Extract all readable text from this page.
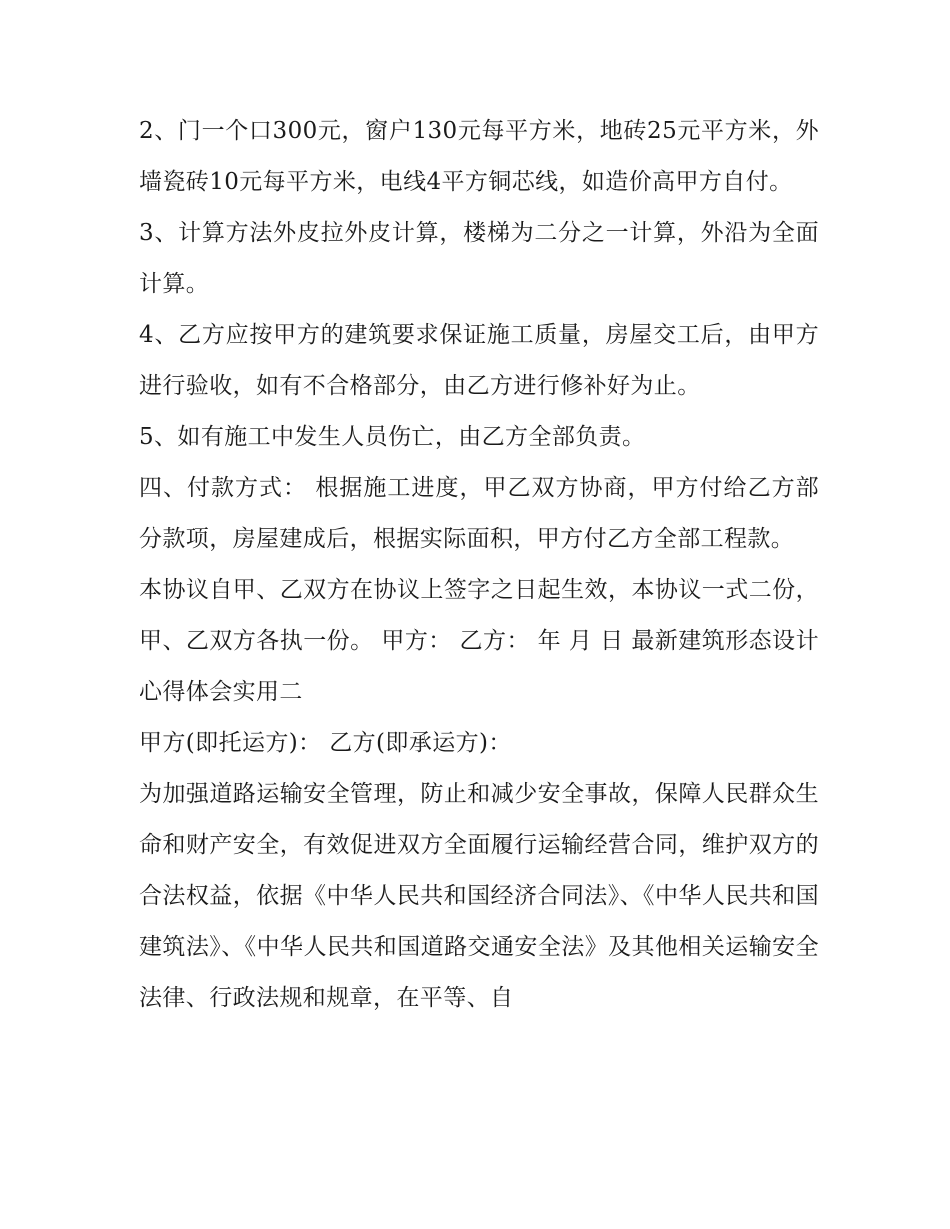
2、门一个口300元，窗户130元每平方米，地砖25元平方米，外墙瓷砖10元每平方米，电线4平方铜芯线，如造价高甲方自付。

3、计算方法外皮拉外皮计算，楼梯为二分之一计算，外沿为全面计算。

4、乙方应按甲方的建筑要求保证施工质量，房屋交工后，由甲方进行验收，如有不合格部分，由乙方进行修补好为止。

5、如有施工中发生人员伤亡，由乙方全部负责。

四、付款方式： 根据施工进度，甲乙双方协商，甲方付给乙方部分款项，房屋建成后，根据实际面积，甲方付乙方全部工程款。

本协议自甲、乙双方在协议上签字之日起生效，本协议一式二份，甲、乙双方各执一份。 甲方： 乙方： 年 月 日 最新建筑形态设计心得体会实用二

甲方(即托运方)： 乙方(即承运方)：

为加强道路运输安全管理，防止和减少安全事故，保障人民群众生命和财产安全，有效促进双方全面履行运输经营合同，维护双方的合法权益，依据《中华人民共和国经济合同法》、《中华人民共和国建筑法》、《中华人民共和国道路交通安全法》及其他相关运输安全法律、行政法规和规章，在平等、自
